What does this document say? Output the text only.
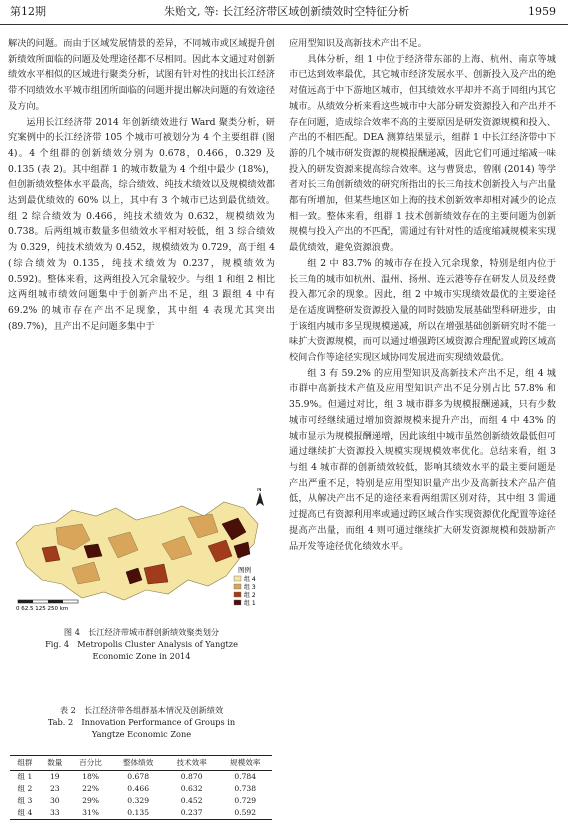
第12期	朱贻文, 等: 长江经济带区域创新绩效时空特征分析	1959

解决的问题。而由于区域发展情景的差异，不同城市或区域提升创新绩效所面临的问题及处理途径都不尽相同。因此本文通过对创新绩效水平相似的区域进行聚类分析，试图有针对性的找出长江经济带不同绩效水平城市组团所面临的问题并提出解决问题的有效途径及方向。

运用长江经济带 2014 年创新绩效进行 Ward 聚类分析，研究案例中的长江经济带 105 个城市可被划分为 4 个主要组群 (图 4)。4 个组群的创新绩效分别为 0.678，0.466，0.329 及 0.135 (表 2)。其中组群 1 的城市数量为 4 个组中最少 (18%)，但创新绩效整体水平最高，综合绩效、纯技术绩效以及规模绩效都达到最优绩效的 60% 以上，其中有 3 个城市已达到最优绩效。组 2 综合绩效为 0.466，纯技术绩效为 0.632，规模绩效为 0.738。后两组城市数量多但绩效水平相对较低，组 3 综合绩效为 0.329，纯技术绩效为 0.452，规模绩效为 0.729，高于组 4 (综合绩效为 0.135，纯技术绩效为 0.237，规模绩效为 0.592)。整体来看，这两组投入冗余量较少。与组 1 和组 2 相比这两组城市绩效问题集中于创新产出不足，组 3 跟组 4 中有 69.2% 的城市存在产出不足现象，其中组 4 表现尤其突出 (89.7%)，且产出不足问题多集中于

N
0 62.5 125 250 km
图例
组 4
组 3
组 2
组 1
图 4　长江经济带城市群创新绩效聚类划分
Fig. 4　Metropolis Cluster Analysis of Yangtze
Economic Zone in 2014
表 2　长江经济带各组群基本情况及创新绩效
Tab. 2　Innovation Performance of Groups in
Yangtze Economic Zone
组群	数量	百分比	整体绩效	技术效率	规模效率
组 1	19	18%	0.678	0.870	0.784
组 2	23	22%	0.466	0.632	0.738
组 3	30	29%	0.329	0.452	0.729
组 4	33	31%	0.135	0.237	0.592

应用型知识及高新技术产出不足。

具体分析，组 1 中位于经济带东部的上海、杭州、南京等城市已达到效率最优，其它城市经济发展水平、创新投入及产出的绝对值远高于中下游地区城市，但其绩效水平却并不高于同组内其它城市。从绩效分析来看这些城市中大部分研发资源投入和产出并不存在问题，造成综合效率不高的主要原因是研发资源规模和投入、产出的不相匹配。DEA 测算结果显示，组群 1 中长江经济带中下游的几个城市研发资源的规模报酬递减，因此它们可通过缩减一味投入的研发资源来提高综合效率。这与曹贤忠，曾刚 (2014) 等学者对长三角创新绩效的研究所指出的长三角技术创新投入与产出量都有所增加，但某些地区如上海的技术创新效率却相对减少的论点相一致。整体来看，组群 1 技术创新绩效存在的主要问题为创新规模与投入产出的不匹配，需通过有针对性的适度缩减规模来实现最优绩效，避免资源浪费。

组 2 中 83.7% 的城市存在投入冗余现象，特别是组内位于长三角的城市如杭州、温州、扬州、连云港等存在研发人员及经费投入都冗余的现象。因此，组 2 中城市实现绩效最优的主要途径是在适度调整研发资源投入量的同时鼓励发展基础型科研进步，由于该组内城市多呈现规模递减，所以在增强基础创新研究时不能一味扩大资源规模，而可以通过增强跨区域资源合理配置或跨区域高校间合作等途径实现区域协同发展进而实现绩效最优。

组 3 有 59.2% 的应用型知识及高新技术产出不足，组 4 城市群中高新技术产值及应用型知识产出不足分别占比 57.8% 和 35.9%。但通过对比，组 3 城市群多为规模报酬递减，只有少数城市可经继续通过增加资源规模来提升产出，而组 4 中 43% 的城市显示为规模报酬递增，因此该组中城市虽然创新绩效最低但可通过继续扩大资源投入规模实现规模效率优化。总结来看，组 3 与组 4 城市群的创新绩效较低，影响其绩效水平的最主要问题是产出严重不足，特别是应用型知识量产出少及高新技术产品产值低，从解决产出不足的途径来看两组需区别对待，其中组 3 需通过提高已有资源利用率或通过跨区域合作实现资源优化配置等途径提高产出量，而组 4 则可通过继续扩大研发资源规模和鼓励新产品开发等途径优化绩效水平。
